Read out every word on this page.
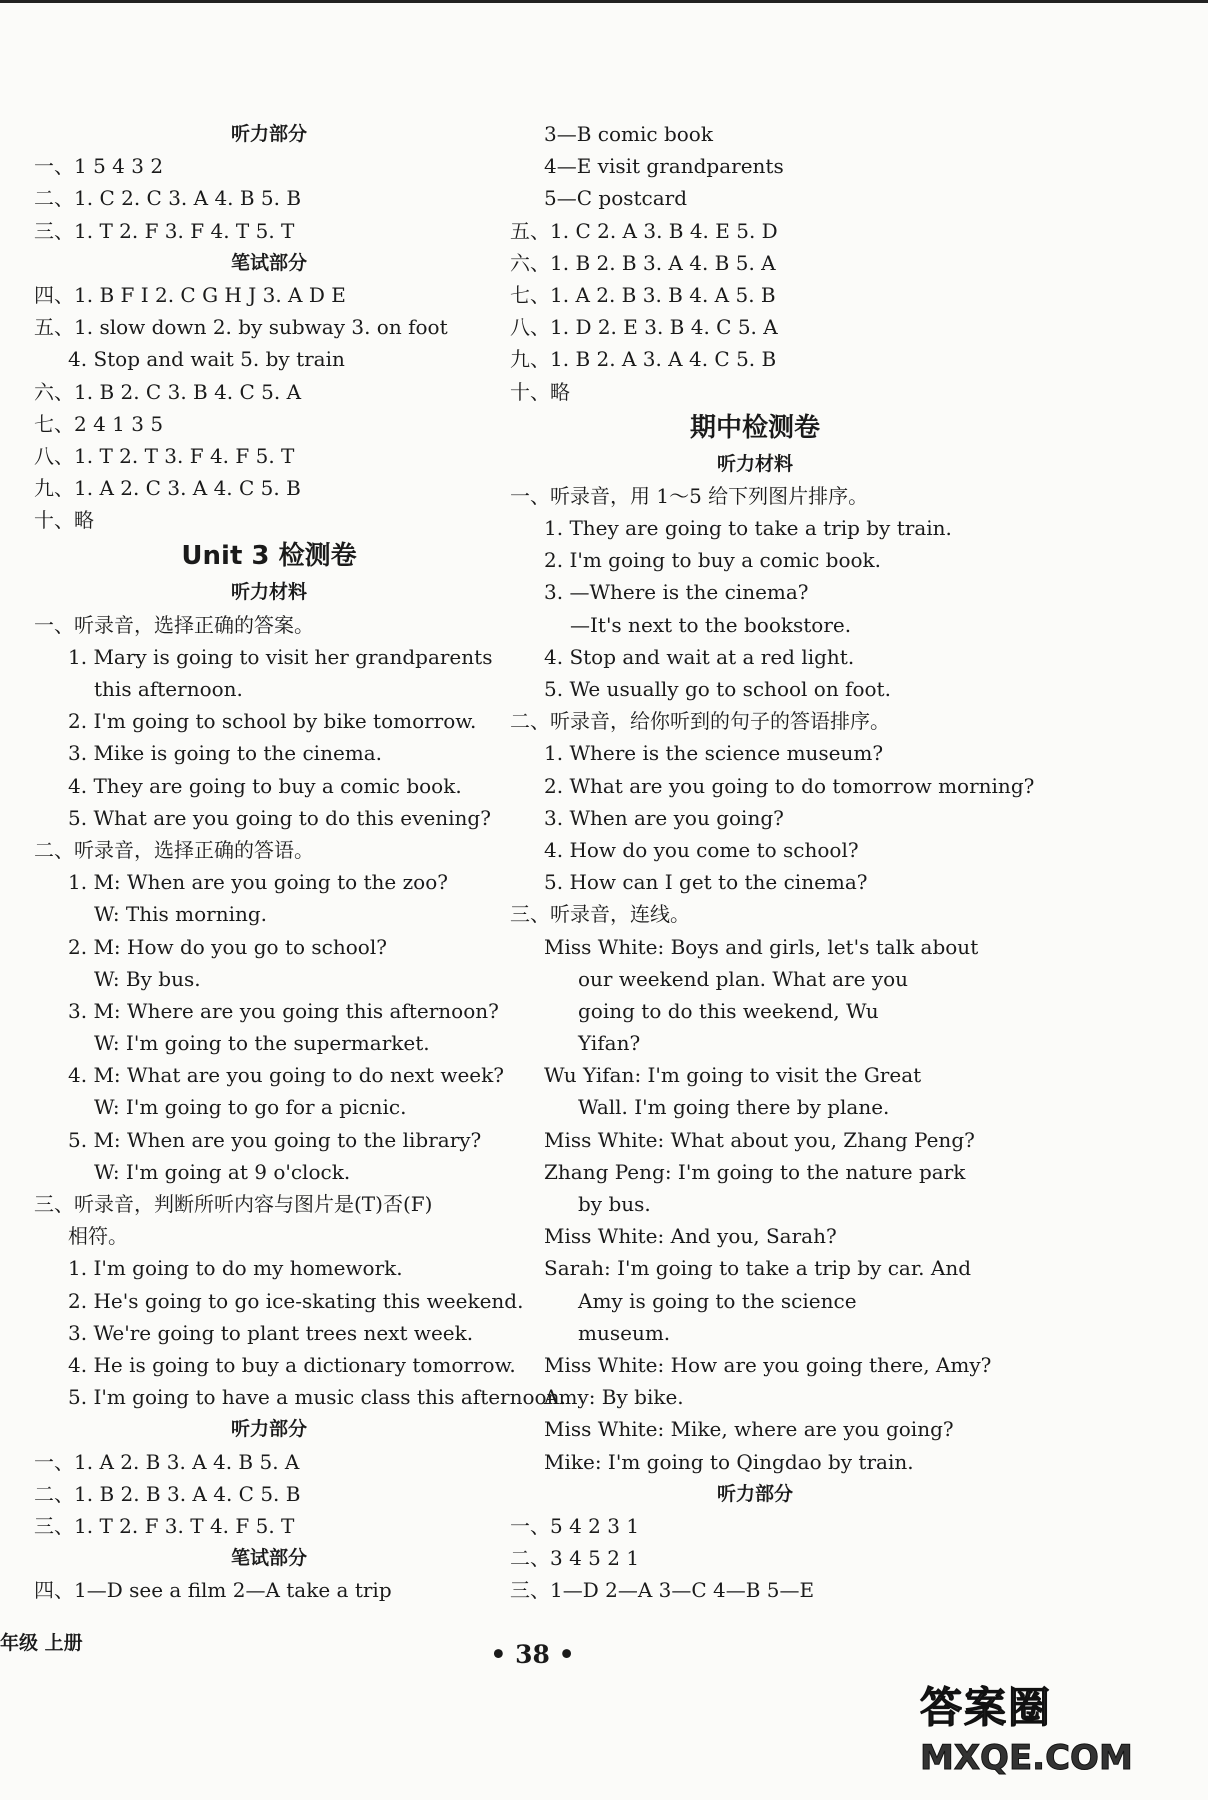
听力部分
一、1 5 4 3 2
二、1. C 2. C 3. A 4. B 5. B
三、1. T 2. F 3. F 4. T 5. T
笔试部分
四、1. B F I 2. C G H J 3. A D E
五、1. slow down 2. by subway 3. on foot
4. Stop and wait 5. by train
六、1. B 2. C 3. B 4. C 5. A
七、2 4 1 3 5
八、1. T 2. T 3. F 4. F 5. T
九、1. A 2. C 3. A 4. C 5. B
十、略
Unit 3 检测卷
听力材料
一、听录音，选择正确的答案。
1. Mary is going to visit her grandparents
this afternoon.
2. I'm going to school by bike tomorrow.
3. Mike is going to the cinema.
4. They are going to buy a comic book.
5. What are you going to do this evening?
二、听录音，选择正确的答语。
1. M: When are you going to the zoo?
W: This morning.
2. M: How do you go to school?
W: By bus.
3. M: Where are you going this afternoon?
W: I'm going to the supermarket.
4. M: What are you going to do next week?
W: I'm going to go for a picnic.
5. M: When are you going to the library?
W: I'm going at 9 o'clock.
三、听录音，判断所听内容与图片是(T)否(F)
相符。
1. I'm going to do my homework.
2. He's going to go ice-skating this weekend.
3. We're going to plant trees next week.
4. He is going to buy a dictionary tomorrow.
5. I'm going to have a music class this afternoon.
听力部分
一、1. A 2. B 3. A 4. B 5. A
二、1. B 2. B 3. A 4. C 5. B
三、1. T 2. F 3. T 4. F 5. T
笔试部分
四、1—D see a film 2—A take a trip
3—B comic book
4—E visit grandparents
5—C postcard
五、1. C 2. A 3. B 4. E 5. D
六、1. B 2. B 3. A 4. B 5. A
七、1. A 2. B 3. B 4. A 5. B
八、1. D 2. E 3. B 4. C 5. A
九、1. B 2. A 3. A 4. C 5. B
十、略
期中检测卷
听力材料
一、听录音，用 1～5 给下列图片排序。
1. They are going to take a trip by train.
2. I'm going to buy a comic book.
3. —Where is the cinema?
—It's next to the bookstore.
4. Stop and wait at a red light.
5. We usually go to school on foot.
二、听录音，给你听到的句子的答语排序。
1. Where is the science museum?
2. What are you going to do tomorrow morning?
3. When are you going?
4. How do you come to school?
5. How can I get to the cinema?
三、听录音，连线。
Miss White: Boys and girls, let's talk about
our weekend plan. What are you
going to do this weekend, Wu
Yifan?
Wu Yifan: I'm going to visit the Great
Wall. I'm going there by plane.
Miss White: What about you, Zhang Peng?
Zhang Peng: I'm going to the nature park
by bus.
Miss White: And you, Sarah?
Sarah: I'm going to take a trip by car. And
Amy is going to the science
museum.
Miss White: How are you going there, Amy?
Amy: By bike.
Miss White: Mike, where are you going?
Mike: I'm going to Qingdao by train.
听力部分
一、5 4 2 3 1
二、3 4 5 2 1
三、1—D 2—A 3—C 4—B 5—E
年级 上册	• 38 •
答案圈
MXQE.COM
